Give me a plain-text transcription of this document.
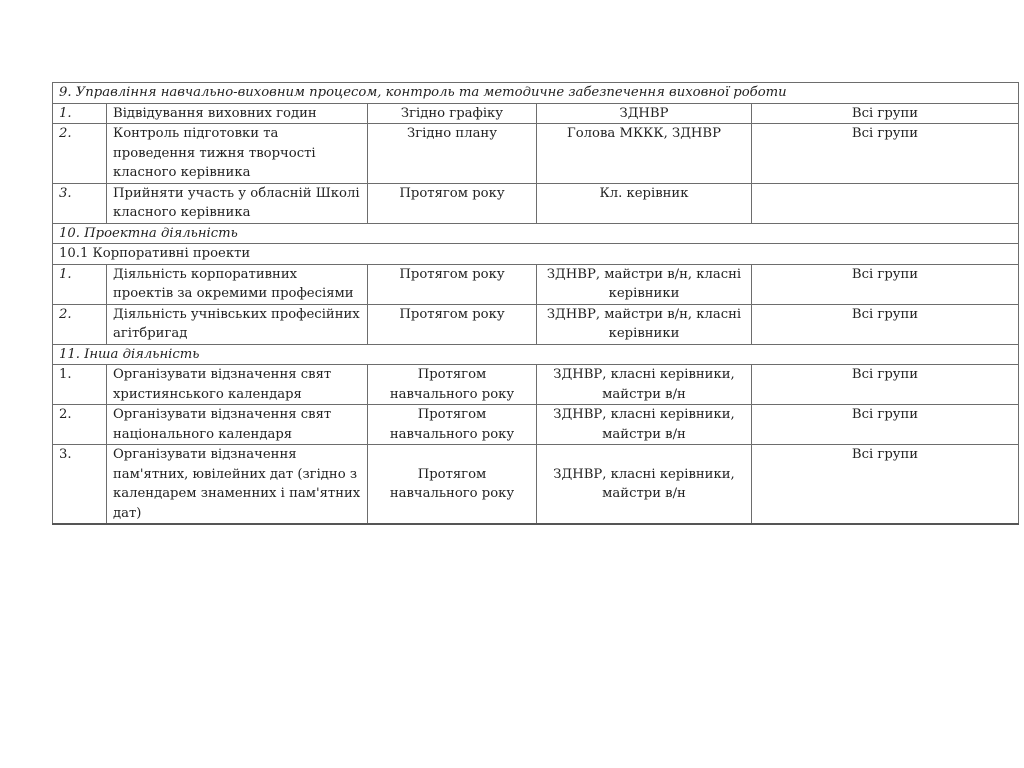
9. Управління навчально-виховним процесом, контроль та методичне забезпечення виховної роботи				
1.	Відвідування виховних годин	Згідно графіку	ЗДНВР	Всі групи
2.	Контроль підготовки та проведення тижня творчості класного керівника	Згідно плану	Голова МККК, ЗДНВР	Всі групи
3.	Прийняти участь у обласній Школі класного керівника	Протягом року	Кл. керівник	
10. Проектна діяльність				
10.1 Корпоративні проекти				
1.	Діяльність корпоративних проектів за окремими професіями	Протягом року	ЗДНВР, майстри в/н, класні керівники	Всі групи
2.	Діяльність учнівських професійних агітбригад	Протягом року	ЗДНВР, майстри в/н, класні керівники	Всі групи
11. Інша діяльність				
1.	Організувати відзначення свят християнського календаря	Протягом навчального року	ЗДНВР, класні керівники, майстри в/н	Всі групи
2.	Організувати відзначення свят національного календаря	Протягом навчального року	ЗДНВР, класні керівники, майстри в/н	Всі групи
3.	Організувати відзначення пам'ятних, ювілейних дат (згідно з календарем знаменних і пам'ятних дат)	Протягом навчального року	ЗДНВР, класні керівники, майстри в/н	Всі групи
